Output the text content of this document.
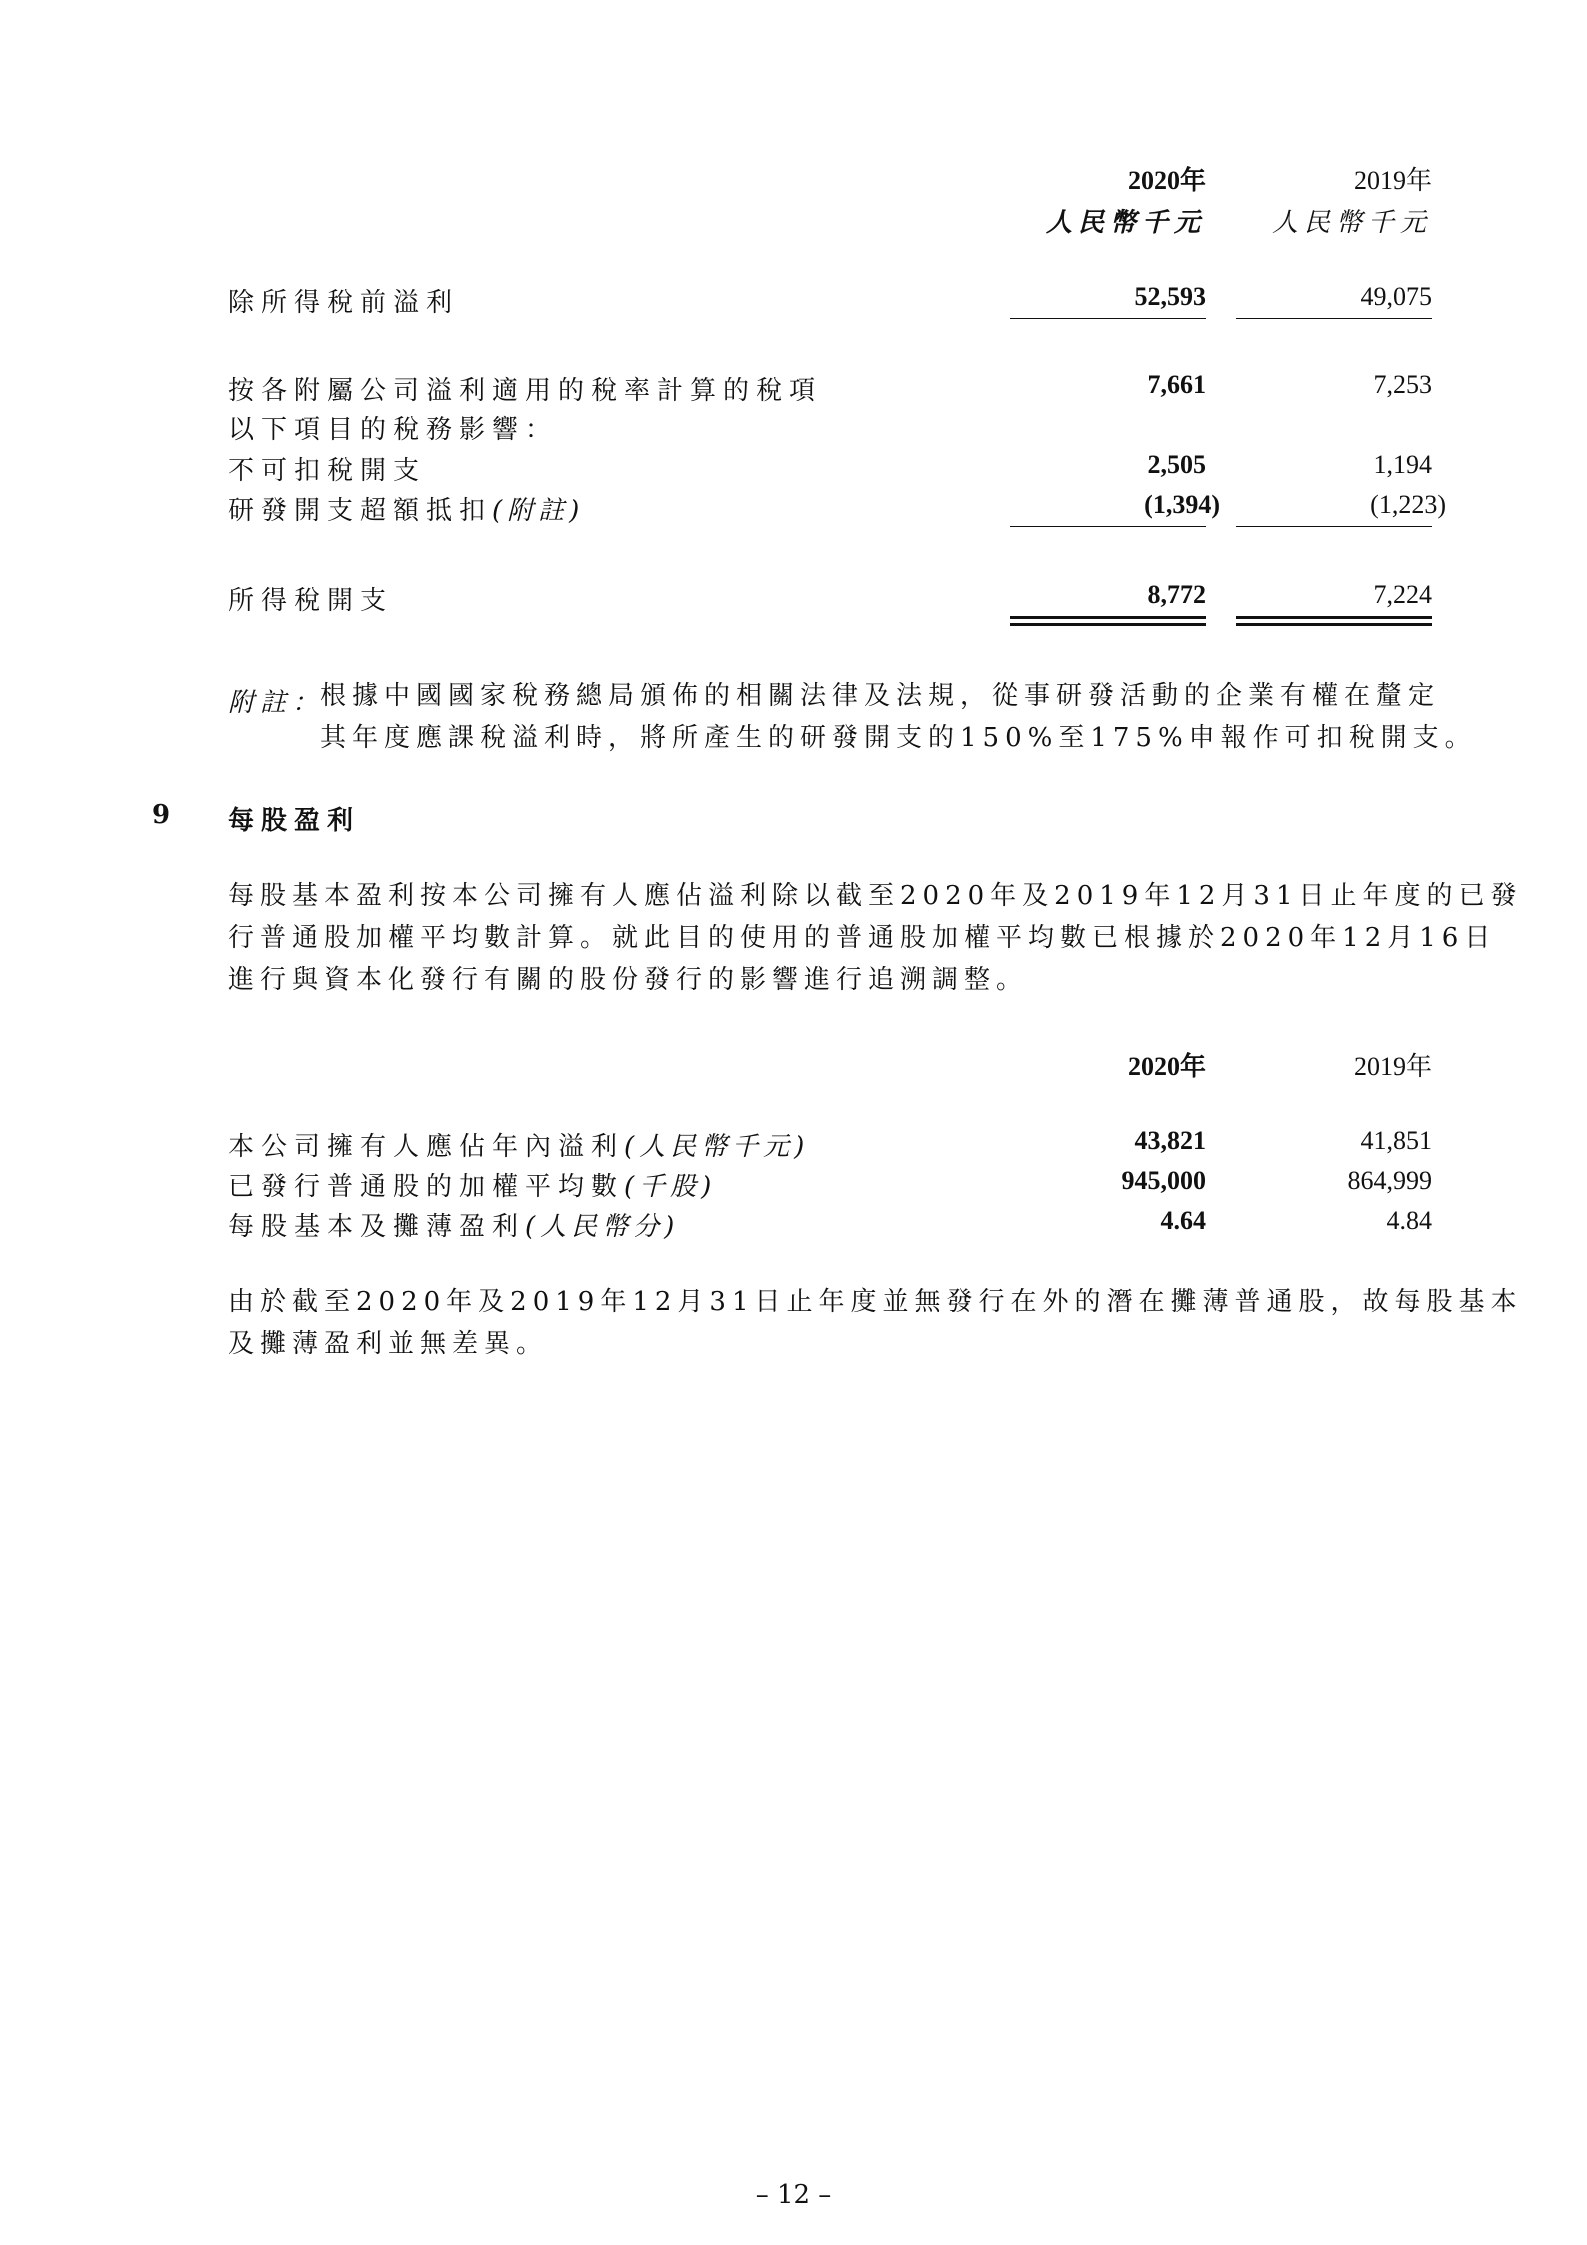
2020年	2019年
人民幣千元	人民幣千元
除所得稅前溢利	52,593	49,075
按各附屬公司溢利適用的稅率計算的稅項	7,661	7,253
以下項目的稅務影響：
不可扣稅開支	2,505	1,194
研發開支超額抵扣(附註)	(1,394)	(1,223)
所得稅開支	8,772	7,224
附註：
根據中國國家稅務總局頒佈的相關法律及法規，從事研發活動的企業有權在釐定
其年度應課稅溢利時，將所產生的研發開支的150%至175%申報作可扣稅開支。
9 每股盈利
每股基本盈利按本公司擁有人應佔溢利除以截至2020年及2019年12月31日止年度的已發
行普通股加權平均數計算。就此目的使用的普通股加權平均數已根據於2020年12月16日
進行與資本化發行有關的股份發行的影響進行追溯調整。
2020年	2019年
本公司擁有人應佔年內溢利(人民幣千元)	43,821	41,851
已發行普通股的加權平均數(千股)	945,000	864,999
每股基本及攤薄盈利(人民幣分)	4.64	4.84
由於截至2020年及2019年12月31日止年度並無發行在外的潛在攤薄普通股，故每股基本
及攤薄盈利並無差異。
– 12 –
